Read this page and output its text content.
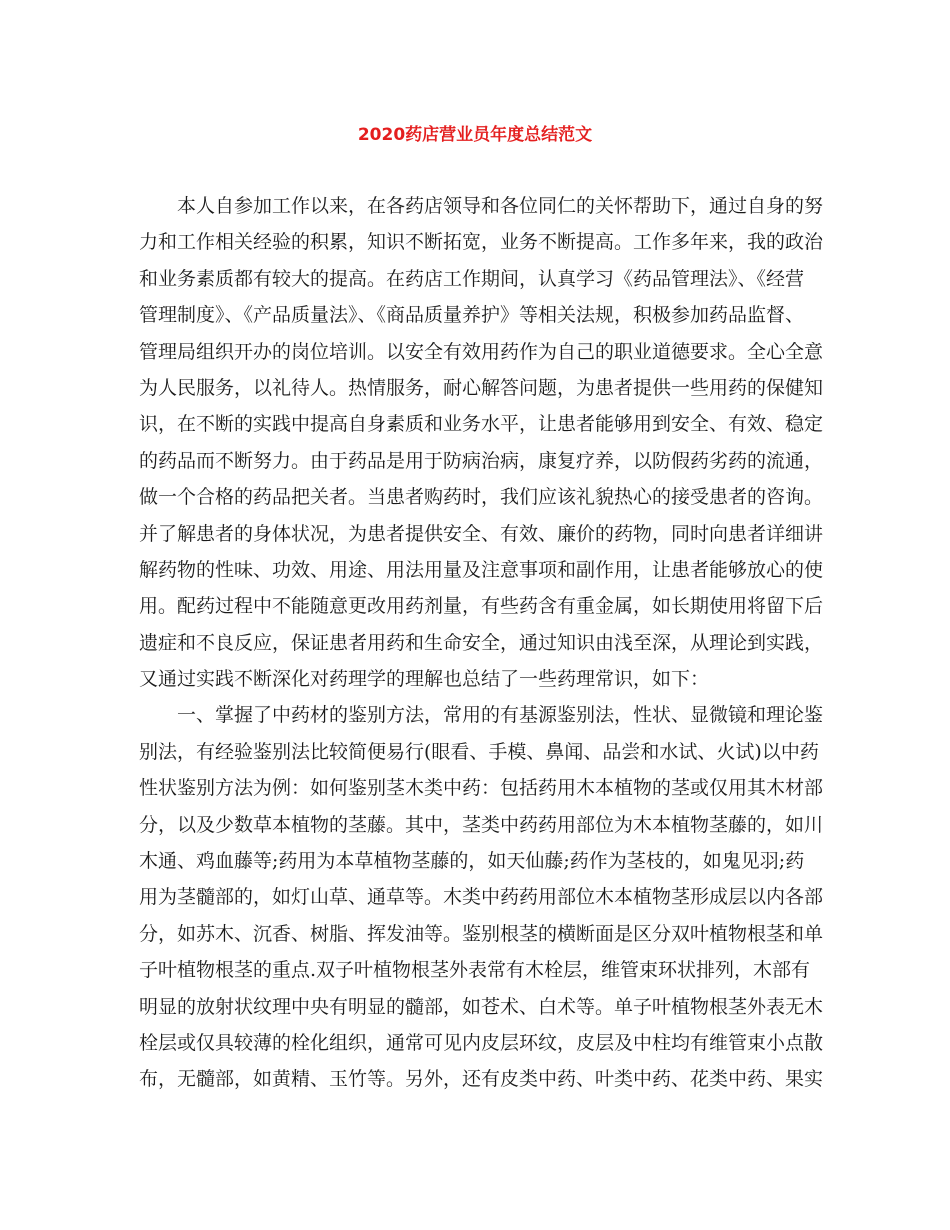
2020药店营业员年度总结范文
本人自参加工作以来，在各药店领导和各位同仁的关怀帮助下，通过自身的努
力和工作相关经验的积累，知识不断拓宽，业务不断提高。工作多年来，我的政治
和业务素质都有较大的提高。在药店工作期间，认真学习《药品管理法》、《经营
管理制度》、《产品质量法》、《商品质量养护》等相关法规，积极参加药品监督、
管理局组织开办的岗位培训。以安全有效用药作为自己的职业道德要求。全心全意
为人民服务，以礼待人。热情服务，耐心解答问题，为患者提供一些用药的保健知
识，在不断的实践中提高自身素质和业务水平，让患者能够用到安全、有效、稳定
的药品而不断努力。由于药品是用于防病治病，康复疗养，以防假药劣药的流通，
做一个合格的药品把关者。当患者购药时，我们应该礼貌热心的接受患者的咨询。
并了解患者的身体状况，为患者提供安全、有效、廉价的药物，同时向患者详细讲
解药物的性味、功效、用途、用法用量及注意事项和副作用，让患者能够放心的使
用。配药过程中不能随意更改用药剂量，有些药含有重金属，如长期使用将留下后
遗症和不良反应，保证患者用药和生命安全，通过知识由浅至深，从理论到实践，
又通过实践不断深化对药理学的理解也总结了一些药理常识，如下：
一、掌握了中药材的鉴别方法，常用的有基源鉴别法，性状、显微镜和理论鉴
别法，有经验鉴别法比较简便易行(眼看、手模、鼻闻、品尝和水试、火试)以中药
性状鉴别方法为例：如何鉴别茎木类中药：包括药用木本植物的茎或仅用其木材部
分，以及少数草本植物的茎藤。其中，茎类中药药用部位为木本植物茎藤的，如川
木通、鸡血藤等;药用为本草植物茎藤的，如天仙藤;药作为茎枝的，如鬼见羽;药
用为茎髓部的，如灯山草、通草等。木类中药药用部位木本植物茎形成层以内各部
分，如苏木、沉香、树脂、挥发油等。鉴别根茎的横断面是区分双叶植物根茎和单
子叶植物根茎的重点.双子叶植物根茎外表常有木栓层，维管束环状排列，木部有
明显的放射状纹理中央有明显的髓部，如苍术、白术等。单子叶植物根茎外表无木
栓层或仅具较薄的栓化组织，通常可见内皮层环纹，皮层及中柱均有维管束小点散
布，无髓部，如黄精、玉竹等。另外，还有皮类中药、叶类中药、花类中药、果实
